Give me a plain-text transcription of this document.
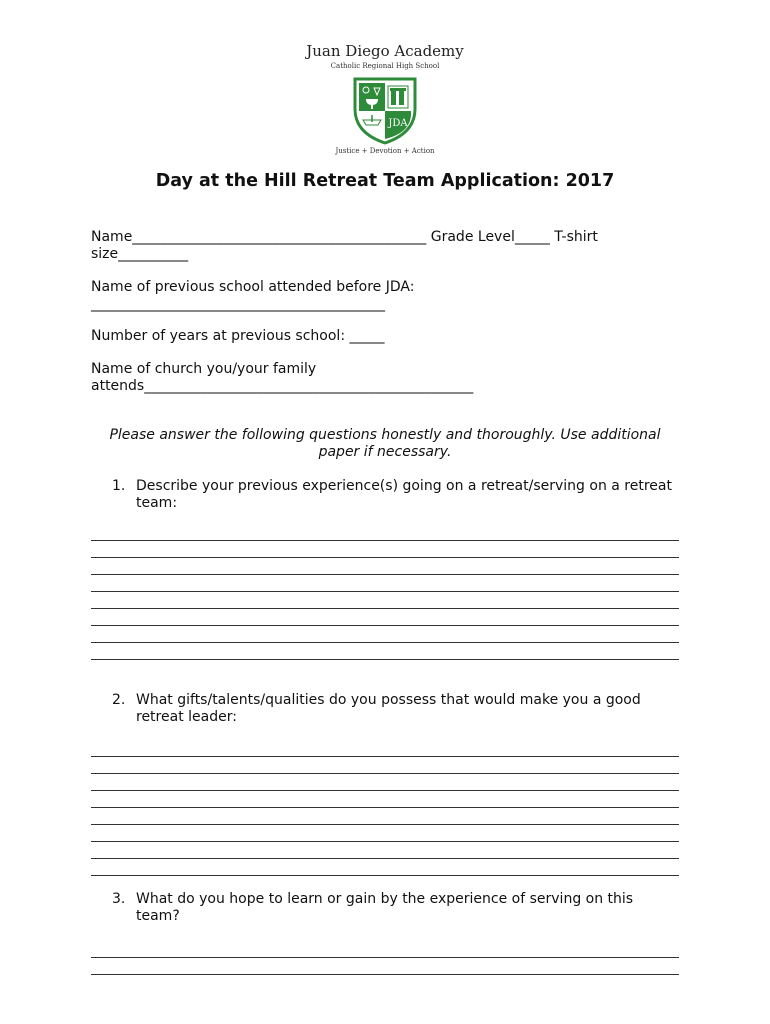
Juan Diego Academy
Catholic Regional High School
JDA
Justice + Devotion + Action
Day at the Hill Retreat Team Application: 2017
Name__________________________________________ Grade Level_____ T-shirt
size__________
Name of previous school attended before JDA:
__________________________________________
Number of years at previous school: _____
Name of church you/your family
attends_______________________________________________
Please answer the following questions honestly and thoroughly. Use additional paper if necessary.
1. Describe your previous experience(s) going on a retreat/serving on a retreat team:
2. What gifts/talents/qualities do you possess that would make you a good retreat leader:
3. What do you hope to learn or gain by the experience of serving on this team?
